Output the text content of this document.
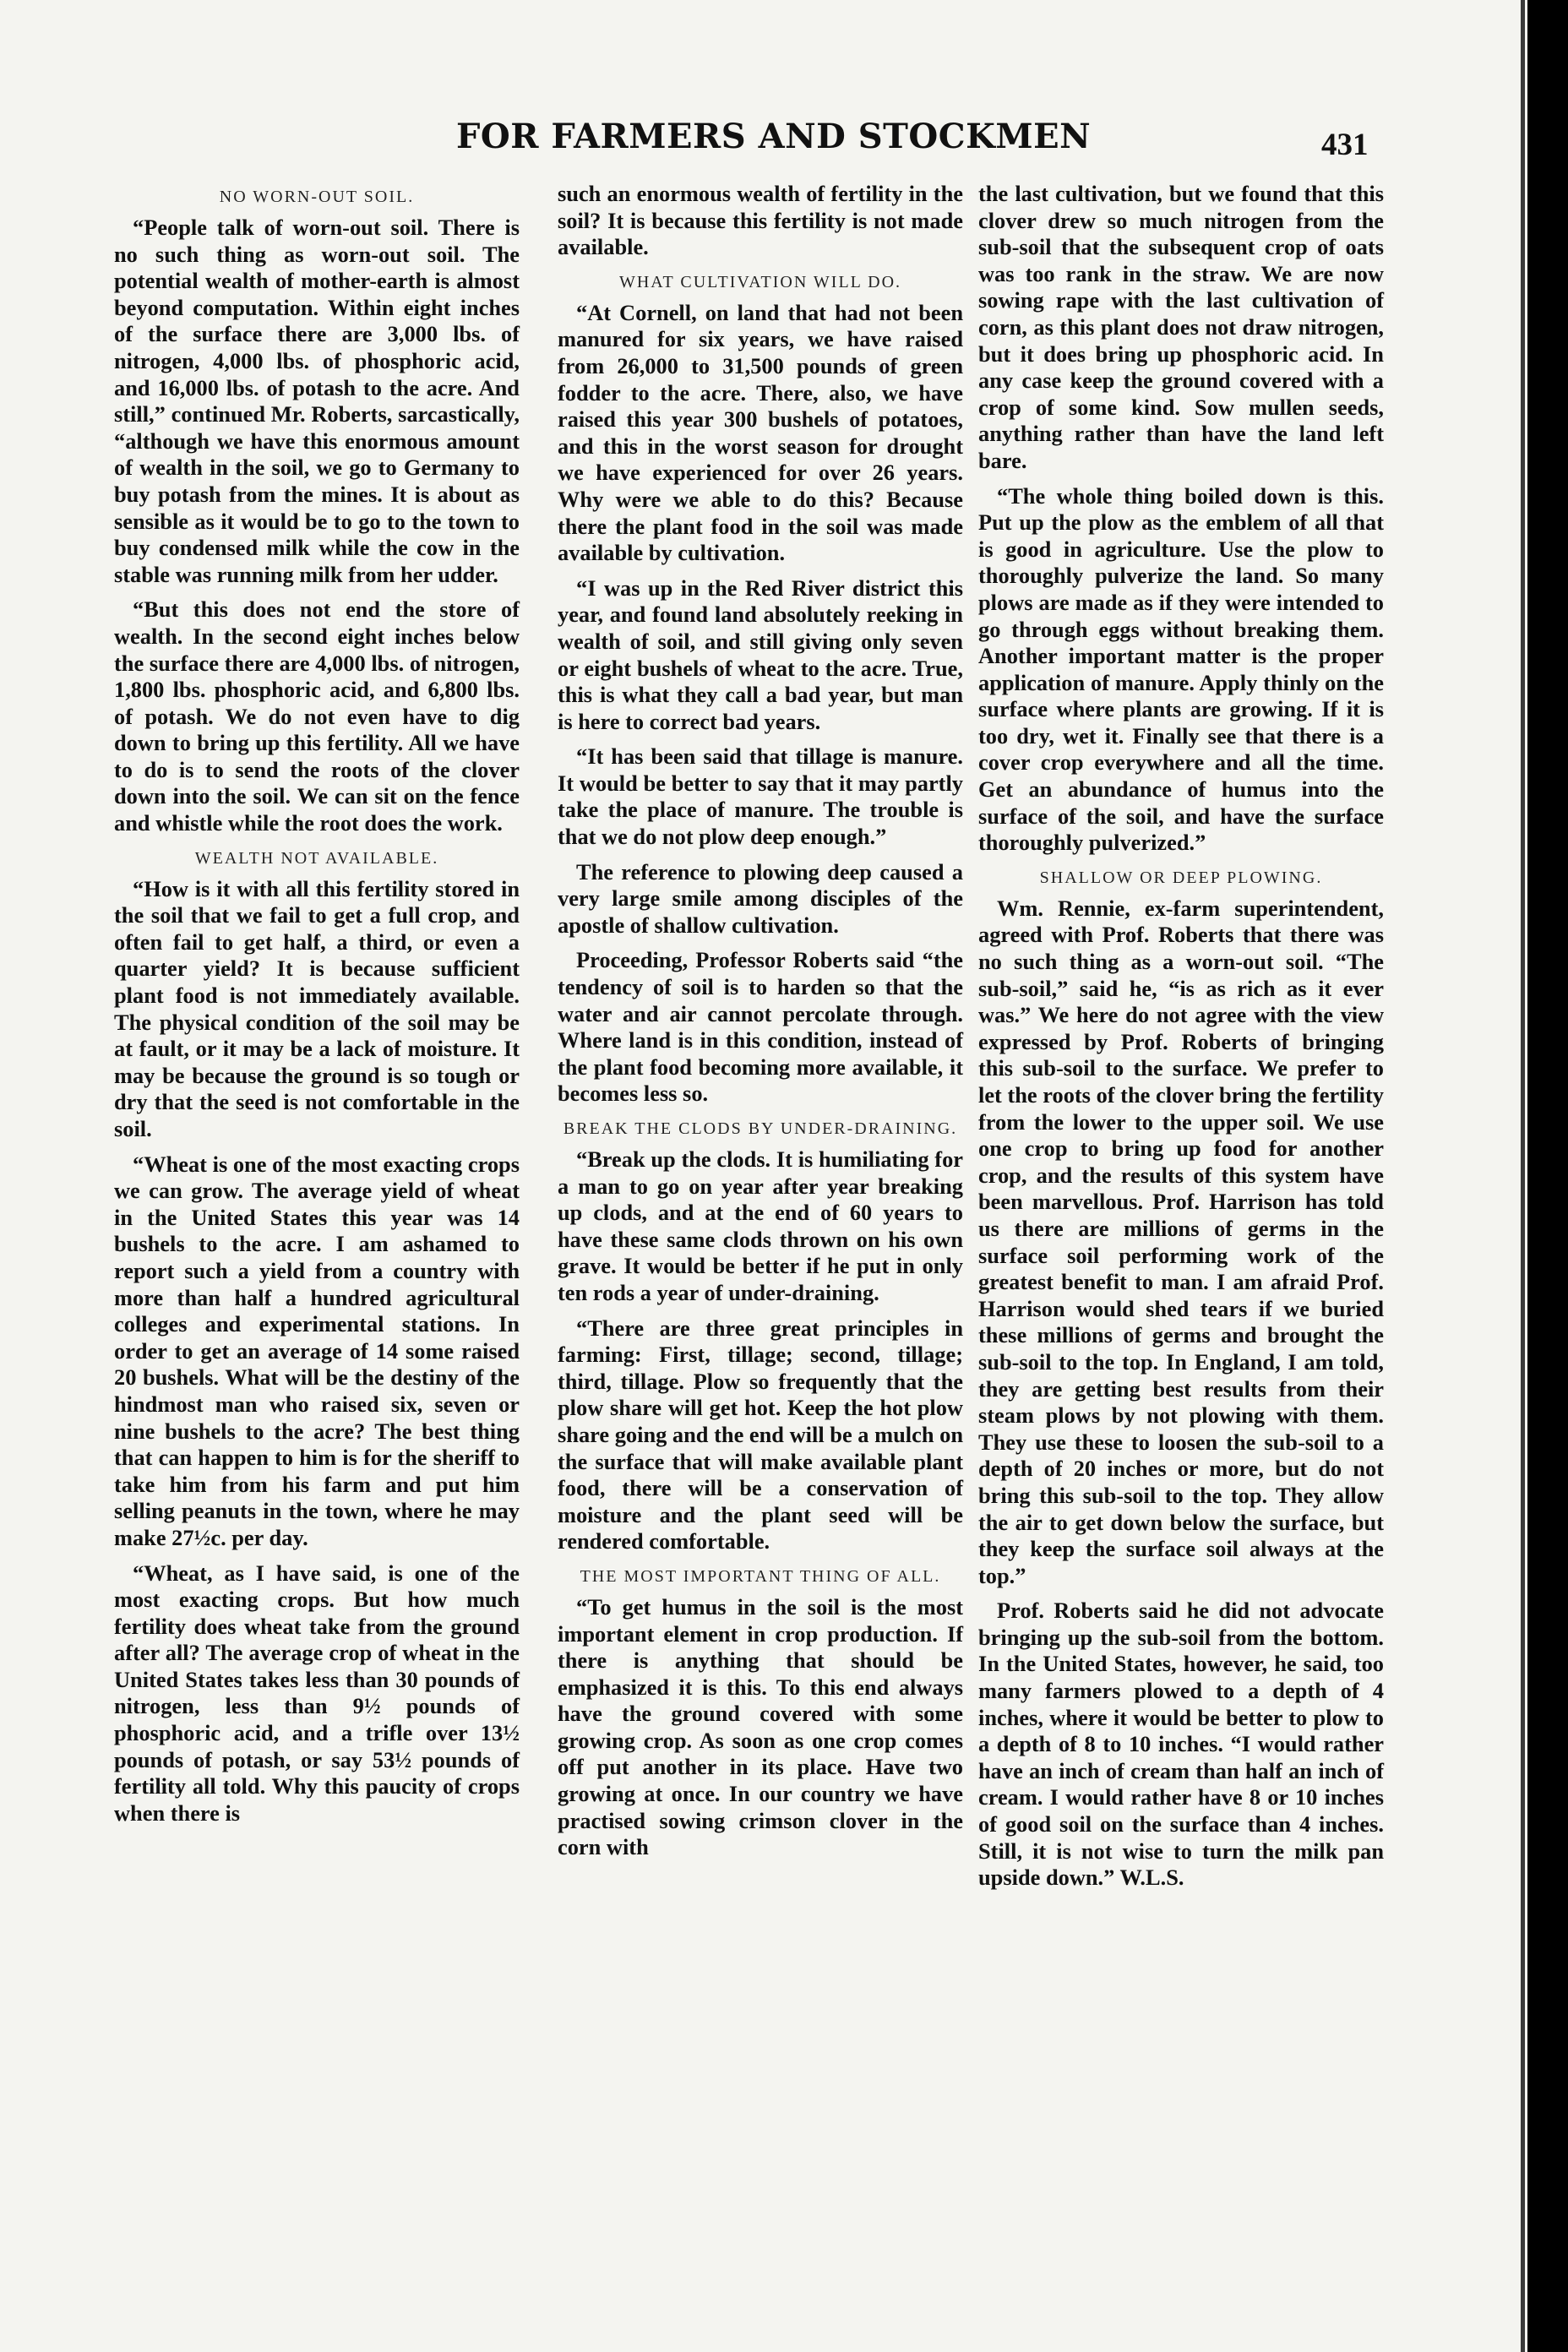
FOR FARMERS AND STOCKMEN	431
NO WORN-OUT SOIL.
“People talk of worn-out soil. There is no such thing as worn-out soil. The potential wealth of mother-earth is almost beyond computation. Within eight inches of the surface there are 3,000 lbs. of nitrogen, 4,000 lbs. of phosphoric acid, and 16,000 lbs. of potash to the acre. And still,” continued Mr. Roberts, sarcastically, “although we have this enormous amount of wealth in the soil, we go to Germany to buy potash from the mines. It is about as sensible as it would be to go to the town to buy condensed milk while the cow in the stable was running milk from her udder.
“But this does not end the store of wealth. In the second eight inches below the surface there are 4,000 lbs. of nitrogen, 1,800 lbs. phosphoric acid, and 6,800 lbs. of potash. We do not even have to dig down to bring up this fertility. All we have to do is to send the roots of the clover down into the soil. We can sit on the fence and whistle while the root does the work.
WEALTH NOT AVAILABLE.
“How is it with all this fertility stored in the soil that we fail to get a full crop, and often fail to get half, a third, or even a quarter yield? It is because sufficient plant food is not immediately available. The physical condition of the soil may be at fault, or it may be a lack of moisture. It may be because the ground is so tough or dry that the seed is not comfortable in the soil.
“Wheat is one of the most exacting crops we can grow. The average yield of wheat in the United States this year was 14 bushels to the acre. I am ashamed to report such a yield from a country with more than half a hundred agricultural colleges and experimental stations. In order to get an average of 14 some raised 20 bushels. What will be the destiny of the hindmost man who raised six, seven or nine bushels to the acre? The best thing that can happen to him is for the sheriff to take him from his farm and put him selling peanuts in the town, where he may make 27½c. per day.
“Wheat, as I have said, is one of the most exacting crops. But how much fertility does wheat take from the ground after all? The average crop of wheat in the United States takes less than 30 pounds of nitrogen, less than 9½ pounds of phosphoric acid, and a trifle over 13½ pounds of potash, or say 53½ pounds of fertility all told. Why this paucity of crops when there is
such an enormous wealth of fertility in the soil? It is because this fertility is not made available.
WHAT CULTIVATION WILL DO.
“At Cornell, on land that had not been manured for six years, we have raised from 26,000 to 31,500 pounds of green fodder to the acre. There, also, we have raised this year 300 bushels of potatoes, and this in the worst season for drought we have experienced for over 26 years. Why were we able to do this? Because there the plant food in the soil was made available by cultivation.
“I was up in the Red River district this year, and found land absolutely reeking in wealth of soil, and still giving only seven or eight bushels of wheat to the acre. True, this is what they call a bad year, but man is here to correct bad years.
“It has been said that tillage is manure. It would be better to say that it may partly take the place of manure. The trouble is that we do not plow deep enough.”
The reference to plowing deep caused a very large smile among disciples of the apostle of shallow cultivation.
Proceeding, Professor Roberts said “the tendency of soil is to harden so that the water and air cannot percolate through. Where land is in this condition, instead of the plant food becoming more available, it becomes less so.
BREAK THE CLODS BY UNDER-DRAINING.
“Break up the clods. It is humiliating for a man to go on year after year breaking up clods, and at the end of 60 years to have these same clods thrown on his own grave. It would be better if he put in only ten rods a year of under-draining.
“There are three great principles in farming: First, tillage; second, tillage; third, tillage. Plow so frequently that the plow share will get hot. Keep the hot plow share going and the end will be a mulch on the surface that will make available plant food, there will be a conservation of moisture and the plant seed will be rendered comfortable.
THE MOST IMPORTANT THING OF ALL.
“To get humus in the soil is the most important element in crop production. If there is anything that should be emphasized it is this. To this end always have the ground covered with some growing crop. As soon as one crop comes off put another in its place. Have two growing at once. In our country we have practised sowing crimson clover in the corn with
the last cultivation, but we found that this clover drew so much nitrogen from the sub-soil that the subsequent crop of oats was too rank in the straw. We are now sowing rape with the last cultivation of corn, as this plant does not draw nitrogen, but it does bring up phosphoric acid. In any case keep the ground covered with a crop of some kind. Sow mullen seeds, anything rather than have the land left bare.
“The whole thing boiled down is this. Put up the plow as the emblem of all that is good in agriculture. Use the plow to thoroughly pulverize the land. So many plows are made as if they were intended to go through eggs without breaking them. Another important matter is the proper application of manure. Apply thinly on the surface where plants are growing. If it is too dry, wet it. Finally see that there is a cover crop everywhere and all the time. Get an abundance of humus into the surface of the soil, and have the surface thoroughly pulverized.”
SHALLOW OR DEEP PLOWING.
Wm. Rennie, ex-farm superintendent, agreed with Prof. Roberts that there was no such thing as a worn-out soil. “The sub-soil,” said he, “is as rich as it ever was.” We here do not agree with the view expressed by Prof. Roberts of bringing this sub-soil to the surface. We prefer to let the roots of the clover bring the fertility from the lower to the upper soil. We use one crop to bring up food for another crop, and the results of this system have been marvellous. Prof. Harrison has told us there are millions of germs in the surface soil performing work of the greatest benefit to man. I am afraid Prof. Harrison would shed tears if we buried these millions of germs and brought the sub-soil to the top. In England, I am told, they are getting best results from their steam plows by not plowing with them. They use these to loosen the sub-soil to a depth of 20 inches or more, but do not bring this sub-soil to the top. They allow the air to get down below the surface, but they keep the surface soil always at the top.”
Prof. Roberts said he did not advocate bringing up the sub-soil from the bottom. In the United States, however, he said, too many farmers plowed to a depth of 4 inches, where it would be better to plow to a depth of 8 to 10 inches. “I would rather have an inch of cream than half an inch of cream. I would rather have 8 or 10 inches of good soil on the surface than 4 inches. Still, it is not wise to turn the milk pan upside down.” W.L.S.
